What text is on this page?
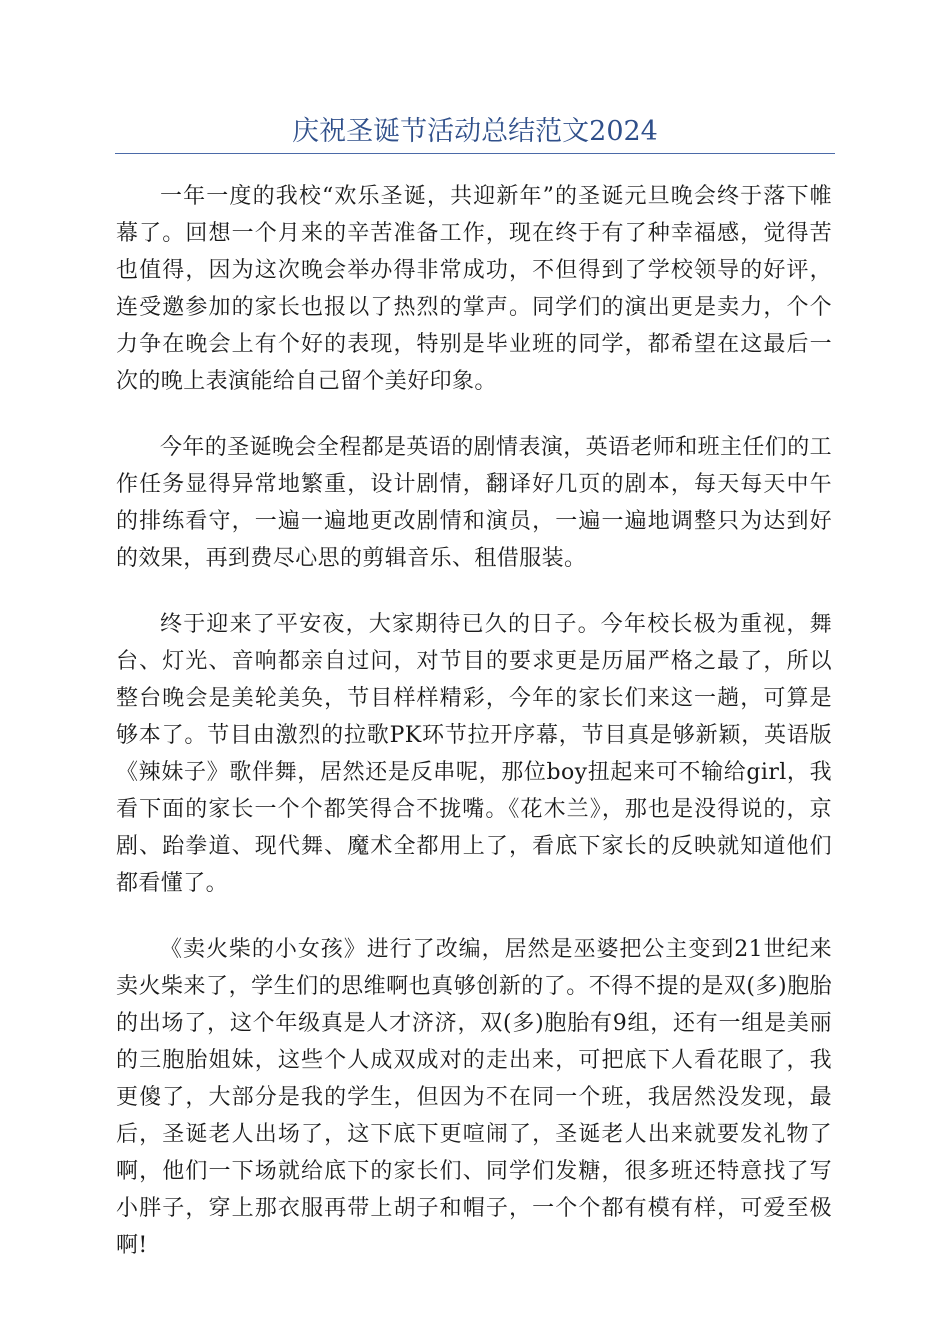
庆祝圣诞节活动总结范文2024

一年一度的我校“欢乐圣诞，共迎新年”的圣诞元旦晚会终于落下帷幕了。回想一个月来的辛苦准备工作，现在终于有了种幸福感，觉得苦也值得，因为这次晚会举办得非常成功，不但得到了学校领导的好评，连受邀参加的家长也报以了热烈的掌声。同学们的演出更是卖力，个个力争在晚会上有个好的表现，特别是毕业班的同学，都希望在这最后一次的晚上表演能给自己留个美好印象。

今年的圣诞晚会全程都是英语的剧情表演，英语老师和班主任们的工作任务显得异常地繁重，设计剧情，翻译好几页的剧本，每天每天中午的排练看守，一遍一遍地更改剧情和演员，一遍一遍地调整只为达到好的效果，再到费尽心思的剪辑音乐、租借服装。

终于迎来了平安夜，大家期待已久的日子。今年校长极为重视，舞台、灯光、音响都亲自过问，对节目的要求更是历届严格之最了，所以整台晚会是美轮美奂，节目样样精彩，今年的家长们来这一趟，可算是够本了。节目由激烈的拉歌PK环节拉开序幕，节目真是够新颖，英语版《辣妹子》歌伴舞，居然还是反串呢，那位boy扭起来可不输给girl，我看下面的家长一个个都笑得合不拢嘴。《花木兰》，那也是没得说的，京剧、跆拳道、现代舞、魔术全都用上了，看底下家长的反映就知道他们都看懂了。

《卖火柴的小女孩》进行了改编，居然是巫婆把公主变到21世纪来卖火柴来了，学生们的思维啊也真够创新的了。不得不提的是双(多)胞胎的出场了，这个年级真是人才济济，双(多)胞胎有9组，还有一组是美丽的三胞胎姐妹，这些个人成双成对的走出来，可把底下人看花眼了，我更傻了，大部分是我的学生，但因为不在同一个班，我居然没发现，最后，圣诞老人出场了，这下底下更喧闹了，圣诞老人出来就要发礼物了啊，他们一下场就给底下的家长们、同学们发糖，很多班还特意找了写小胖子，穿上那衣服再带上胡子和帽子，一个个都有模有样，可爱至极啊!
